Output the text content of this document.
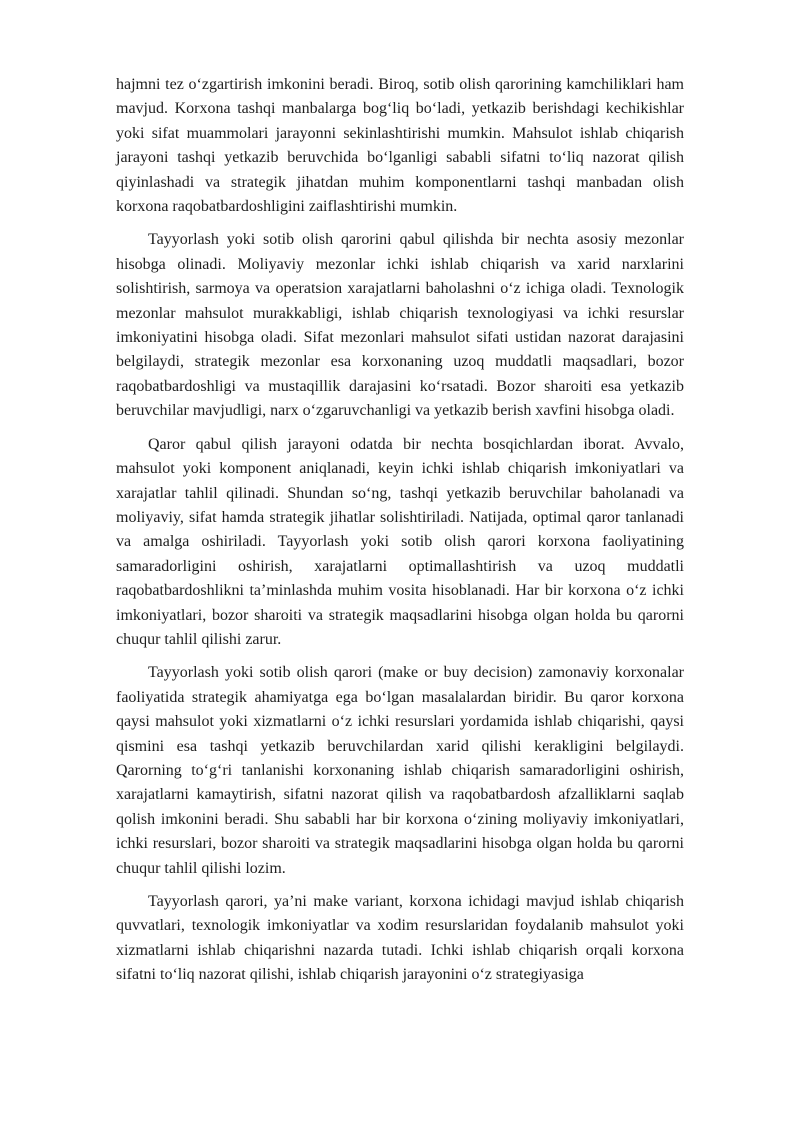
hajmni tez o‘zgartirish imkonini beradi. Biroq, sotib olish qarorining kamchiliklari ham mavjud. Korxona tashqi manbalarga bog‘liq bo‘ladi, yetkazib berishdagi kechikishlar yoki sifat muammolari jarayonni sekinlashtirishi mumkin. Mahsulot ishlab chiqarish jarayoni tashqi yetkazib beruvchida bo‘lganligi sababli sifatni to‘liq nazorat qilish qiyinlashadi va strategik jihatdan muhim komponentlarni tashqi manbadan olish korxona raqobatbardoshligini zaiflashtirishi mumkin.

Tayyorlash yoki sotib olish qarorini qabul qilishda bir nechta asosiy mezonlar hisobga olinadi. Moliyaviy mezonlar ichki ishlab chiqarish va xarid narxlarini solishtirish, sarmoya va operatsion xarajatlarni baholashni o‘z ichiga oladi. Texnologik mezonlar mahsulot murakkabligi, ishlab chiqarish texnologiyasi va ichki resurslar imkoniyatini hisobga oladi. Sifat mezonlari mahsulot sifati ustidan nazorat darajasini belgilaydi, strategik mezonlar esa korxonaning uzoq muddatli maqsadlari, bozor raqobatbardoshligi va mustaqillik darajasini ko‘rsatadi. Bozor sharoiti esa yetkazib beruvchilar mavjudligi, narx o‘zgaruvchanligi va yetkazib berish xavfini hisobga oladi.

Qaror qabul qilish jarayoni odatda bir nechta bosqichlardan iborat. Avvalo, mahsulot yoki komponent aniqlanadi, keyin ichki ishlab chiqarish imkoniyatlari va xarajatlar tahlil qilinadi. Shundan so‘ng, tashqi yetkazib beruvchilar baholanadi va moliyaviy, sifat hamda strategik jihatlar solishtiriladi. Natijada, optimal qaror tanlanadi va amalga oshiriladi. Tayyorlash yoki sotib olish qarori korxona faoliyatining samaradorligini oshirish, xarajatlarni optimallashtirish va uzoq muddatli raqobatbardoshlikni ta’minlashda muhim vosita hisoblanadi. Har bir korxona o‘z ichki imkoniyatlari, bozor sharoiti va strategik maqsadlarini hisobga olgan holda bu qarorni chuqur tahlil qilishi zarur.

Tayyorlash yoki sotib olish qarori (make or buy decision) zamonaviy korxonalar faoliyatida strategik ahamiyatga ega bo‘lgan masalalardan biridir. Bu qaror korxona qaysi mahsulot yoki xizmatlarni o‘z ichki resurslari yordamida ishlab chiqarishi, qaysi qismini esa tashqi yetkazib beruvchilardan xarid qilishi kerakligini belgilaydi. Qarorning to‘g‘ri tanlanishi korxonaning ishlab chiqarish samaradorligini oshirish, xarajatlarni kamaytirish, sifatni nazorat qilish va raqobatbardosh afzalliklarni saqlab qolish imkonini beradi. Shu sababli har bir korxona o‘zining moliyaviy imkoniyatlari, ichki resurslari, bozor sharoiti va strategik maqsadlarini hisobga olgan holda bu qarorni chuqur tahlil qilishi lozim.

Tayyorlash qarori, ya’ni make variant, korxona ichidagi mavjud ishlab chiqarish quvvatlari, texnologik imkoniyatlar va xodim resurslaridan foydalanib mahsulot yoki xizmatlarni ishlab chiqarishni nazarda tutadi. Ichki ishlab chiqarish orqali korxona sifatni to‘liq nazorat qilishi, ishlab chiqarish jarayonini o‘z strategiyasiga
